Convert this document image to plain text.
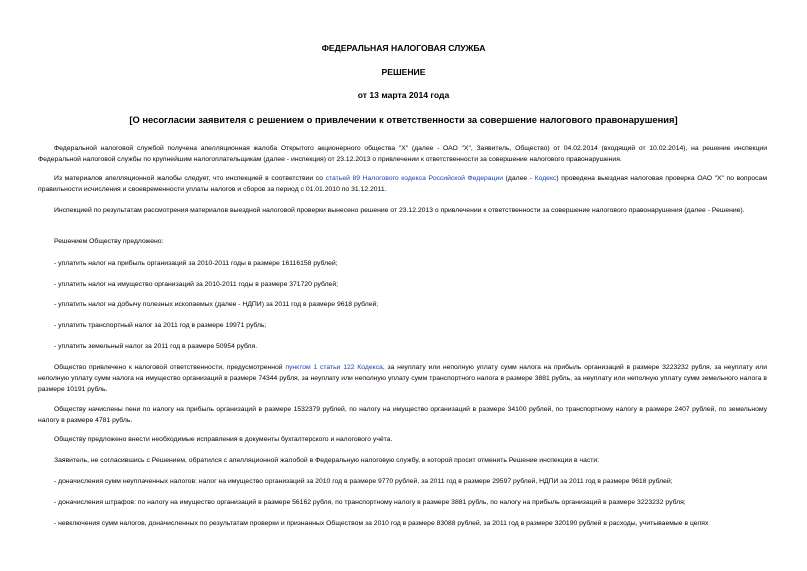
ФЕДЕРАЛЬНАЯ НАЛОГОВАЯ СЛУЖБА
РЕШЕНИЕ
от 13 марта 2014 года
[О несогласии заявителя с решением о привлечении к ответственности за совершение налогового правонарушения]
Федеральной налоговой службой получена апелляционная жалоба Открытого акционерного общества "X" (далее - ОАО "X", Заявитель, Общество) от 04.02.2014 (входящий от 10.02.2014), на решение инспекции Федеральной налоговой службы по крупнейшим налогоплательщикам (далее - инспекция) от 23.12.2013 о привлечении к ответственности за совершение налогового правонарушения.
Из материалов апелляционной жалобы следует, что инспекцией в соответствии со статьей 89 Налогового кодекса Российской Федерации (далее - Кодекс) проведена выездная налоговая проверка ОАО "X" по вопросам правильности исчисления и своевременности уплаты налогов и сборов за период с 01.01.2010 по 31.12.2011.
Инспекцией по результатам рассмотрения материалов выездной налоговой проверки вынесено решение от 23.12.2013 о привлечении к ответственности за совершение налогового правонарушения (далее - Решение).
Решением Обществу предложено:
- уплатить налог на прибыль организаций за 2010-2011 годы в размере 16116158 рублей;
- уплатить налог на имущество организаций за 2010-2011 годы в размере 371720 рублей;
- уплатить налог на добычу полезных ископаемых (далее - НДПИ) за 2011 год в размере 9618 рублей;
- уплатить транспортный налог за 2011 год в размере 19971 рубль;
- уплатить земельный налог за 2011 год в размере 50954 рубля.
Общество привлечено к налоговой ответственности, предусмотренной пунктом 1 статьи 122 Кодекса, за неуплату или неполную уплату сумм налога на прибыль организаций в размере 3223232 рубля, за неуплату или неполную уплату сумм налога на имущество организаций в размере 74344 рубля, за неуплату или неполную уплату сумм транспортного налога в размере 3881 рубль, за неуплату или неполную уплату сумм земельного налога в размере 10191 рубль.
Обществу начислены пени по налогу на прибыль организаций в размере 1532379 рублей, по налогу на имущество организаций в размере 34100 рублей, по транспортному налогу в размере 2407 рублей, по земельному налогу в размере 4781 рубль.
Обществу предложено внести необходимые исправления в документы бухгалтерского и налогового учёта.
Заявитель, не согласившись с Решением, обратился с апелляционной жалобой в Федеральную налоговую службу, в которой просит отменить Решение инспекции в части:
- доначисления сумм неуплаченных налогов: налог на имущество организаций за 2010 год в размере 9770 рублей, за 2011 год в размере 29597 рублей, НДПИ за 2011 год в размере 9618 рублей;
- доначисления штрафов: по налогу на имущество организаций в размере 56162 рубля, по транспортному налогу в размере 3881 рубль, по налогу на прибыль организаций в размере 3223232 рубля;
- невключения сумм налогов, доначисленных по результатам проверки и признанных Обществом за 2010 год в размере 83088 рублей, за 2011 год в размере 320190 рублей в расходы, учитываемые в целях
